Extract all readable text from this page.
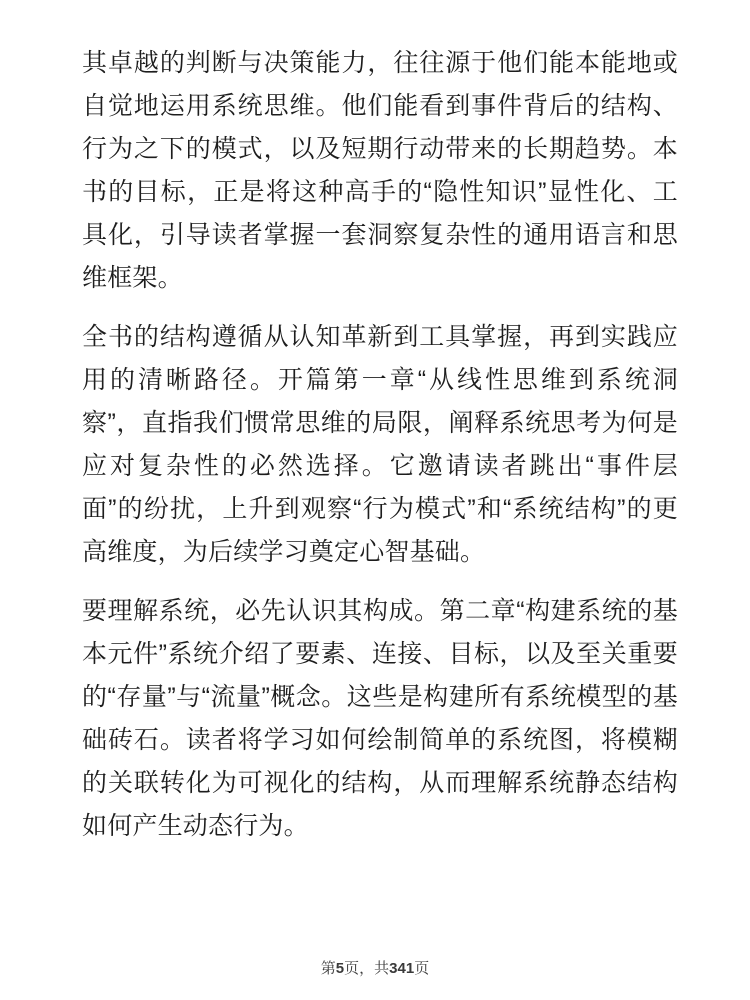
其卓越的判断与决策能力，往往源于他们能本能地或自觉地运用系统思维。他们能看到事件背后的结构、行为之下的模式，以及短期行动带来的长期趋势。本书的目标，正是将这种高手的“隐性知识”显性化、工具化，引导读者掌握一套洞察复杂性的通用语言和思维框架。

全书的结构遵循从认知革新到工具掌握，再到实践应用的清晰路径。开篇第一章“从线性思维到系统洞察”，直指我们惯常思维的局限，阐释系统思考为何是应对复杂性的必然选择。它邀请读者跳出“事件层面”的纷扰，上升到观察“行为模式”和“系统结构”的更高维度，为后续学习奠定心智基础。

要理解系统，必先认识其构成。第二章“构建系统的基本元件”系统介绍了要素、连接、目标，以及至关重要的“存量”与“流量”概念。这些是构建所有系统模型的基础砖石。读者将学习如何绘制简单的系统图，将模糊的关联转化为可视化的结构，从而理解系统静态结构如何产生动态行为。

第5页，共341页
